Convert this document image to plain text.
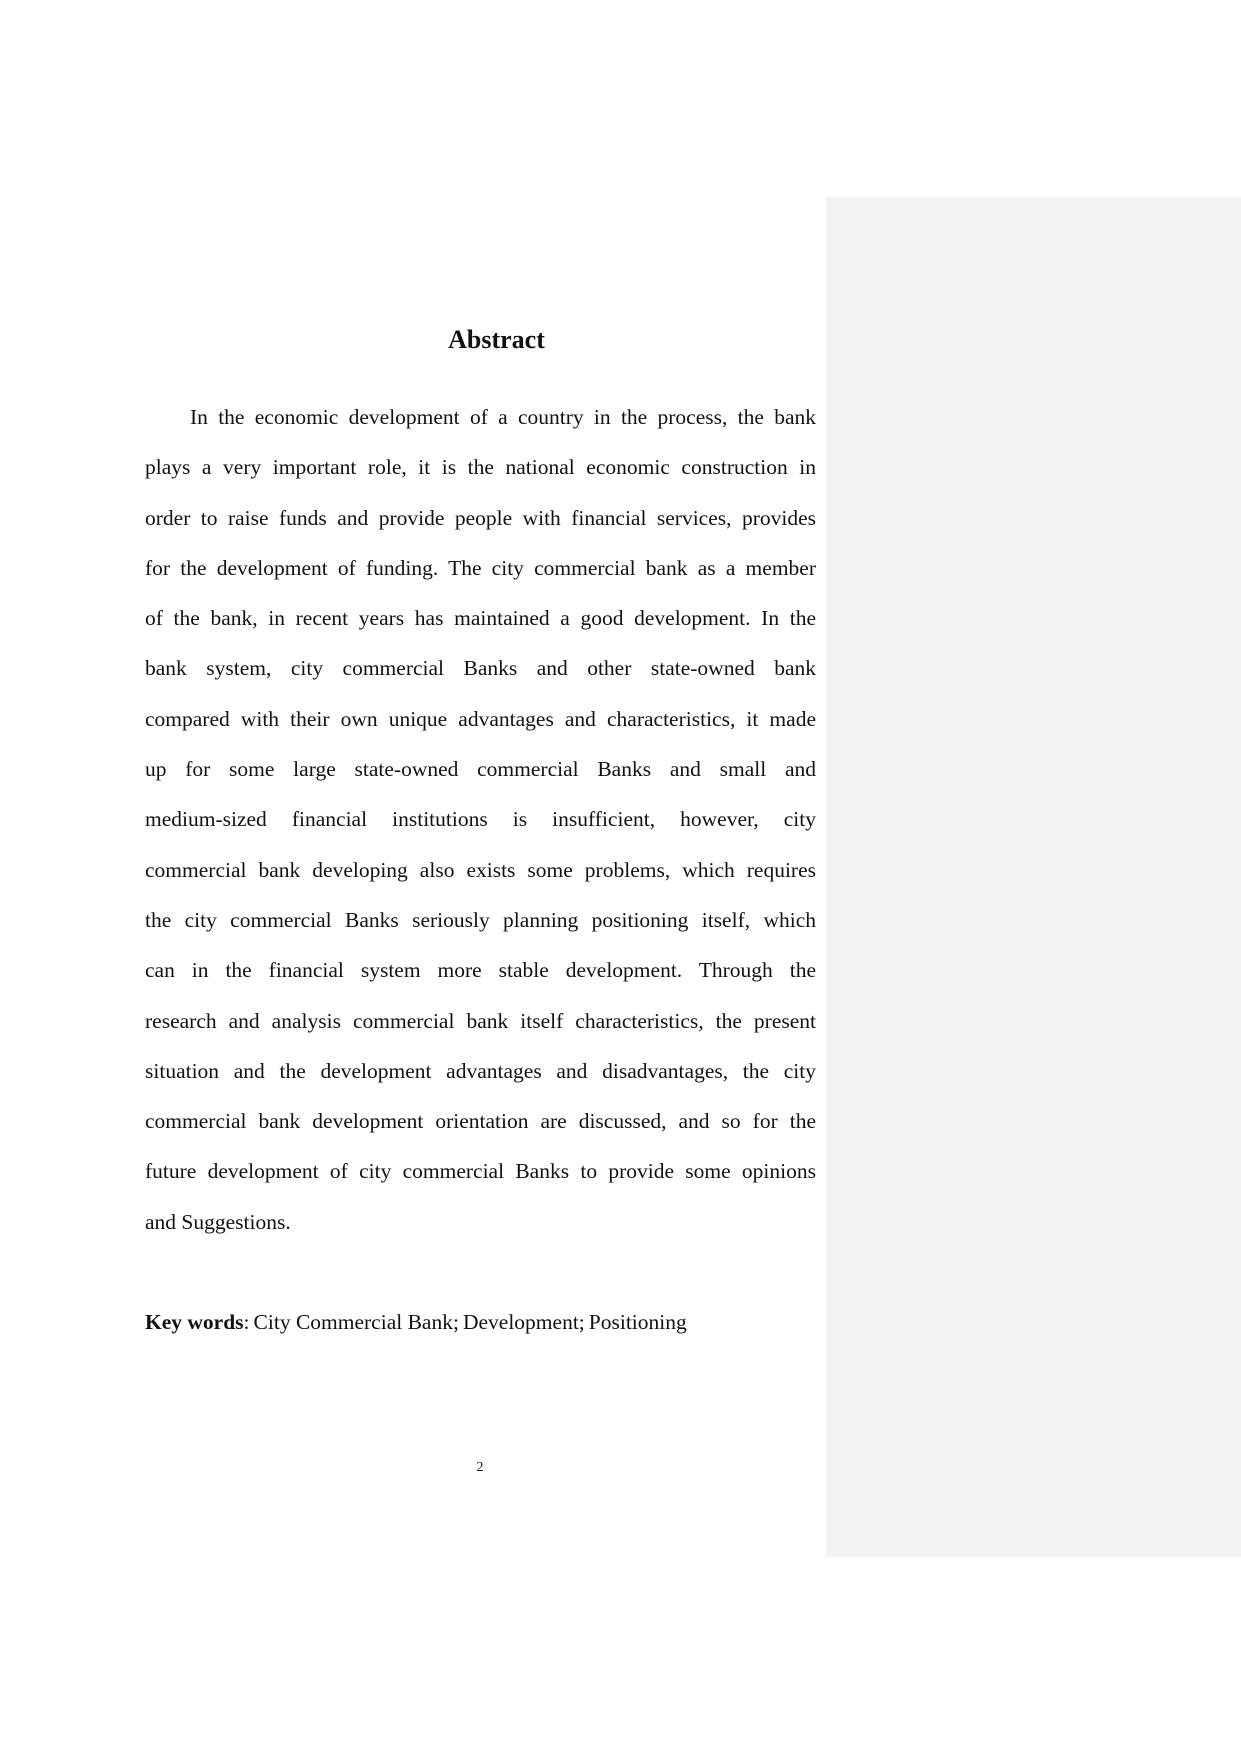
Abstract
In the economic development of a country in the process, the bank
plays a very important role, it is the national economic construction in
order to raise funds and provide people with financial services, provides
for the development of funding. The city commercial bank as a member
of the bank, in recent years has maintained a good development. In the
bank system, city commercial Banks and other state-owned bank
compared with their own unique advantages and characteristics, it made
up for some large state-owned commercial Banks and small and
medium-sized financial institutions is insufficient, however, city
commercial bank developing also exists some problems, which requires
the city commercial Banks seriously planning positioning itself, which
can in the financial system more stable development. Through the
research and analysis commercial bank itself characteristics, the present
situation and the development advantages and disadvantages, the city
commercial bank development orientation are discussed, and so for the
future development of city commercial Banks to provide some opinions
and Suggestions.
Key words: City Commercial Bank; Development; Positioning
2
